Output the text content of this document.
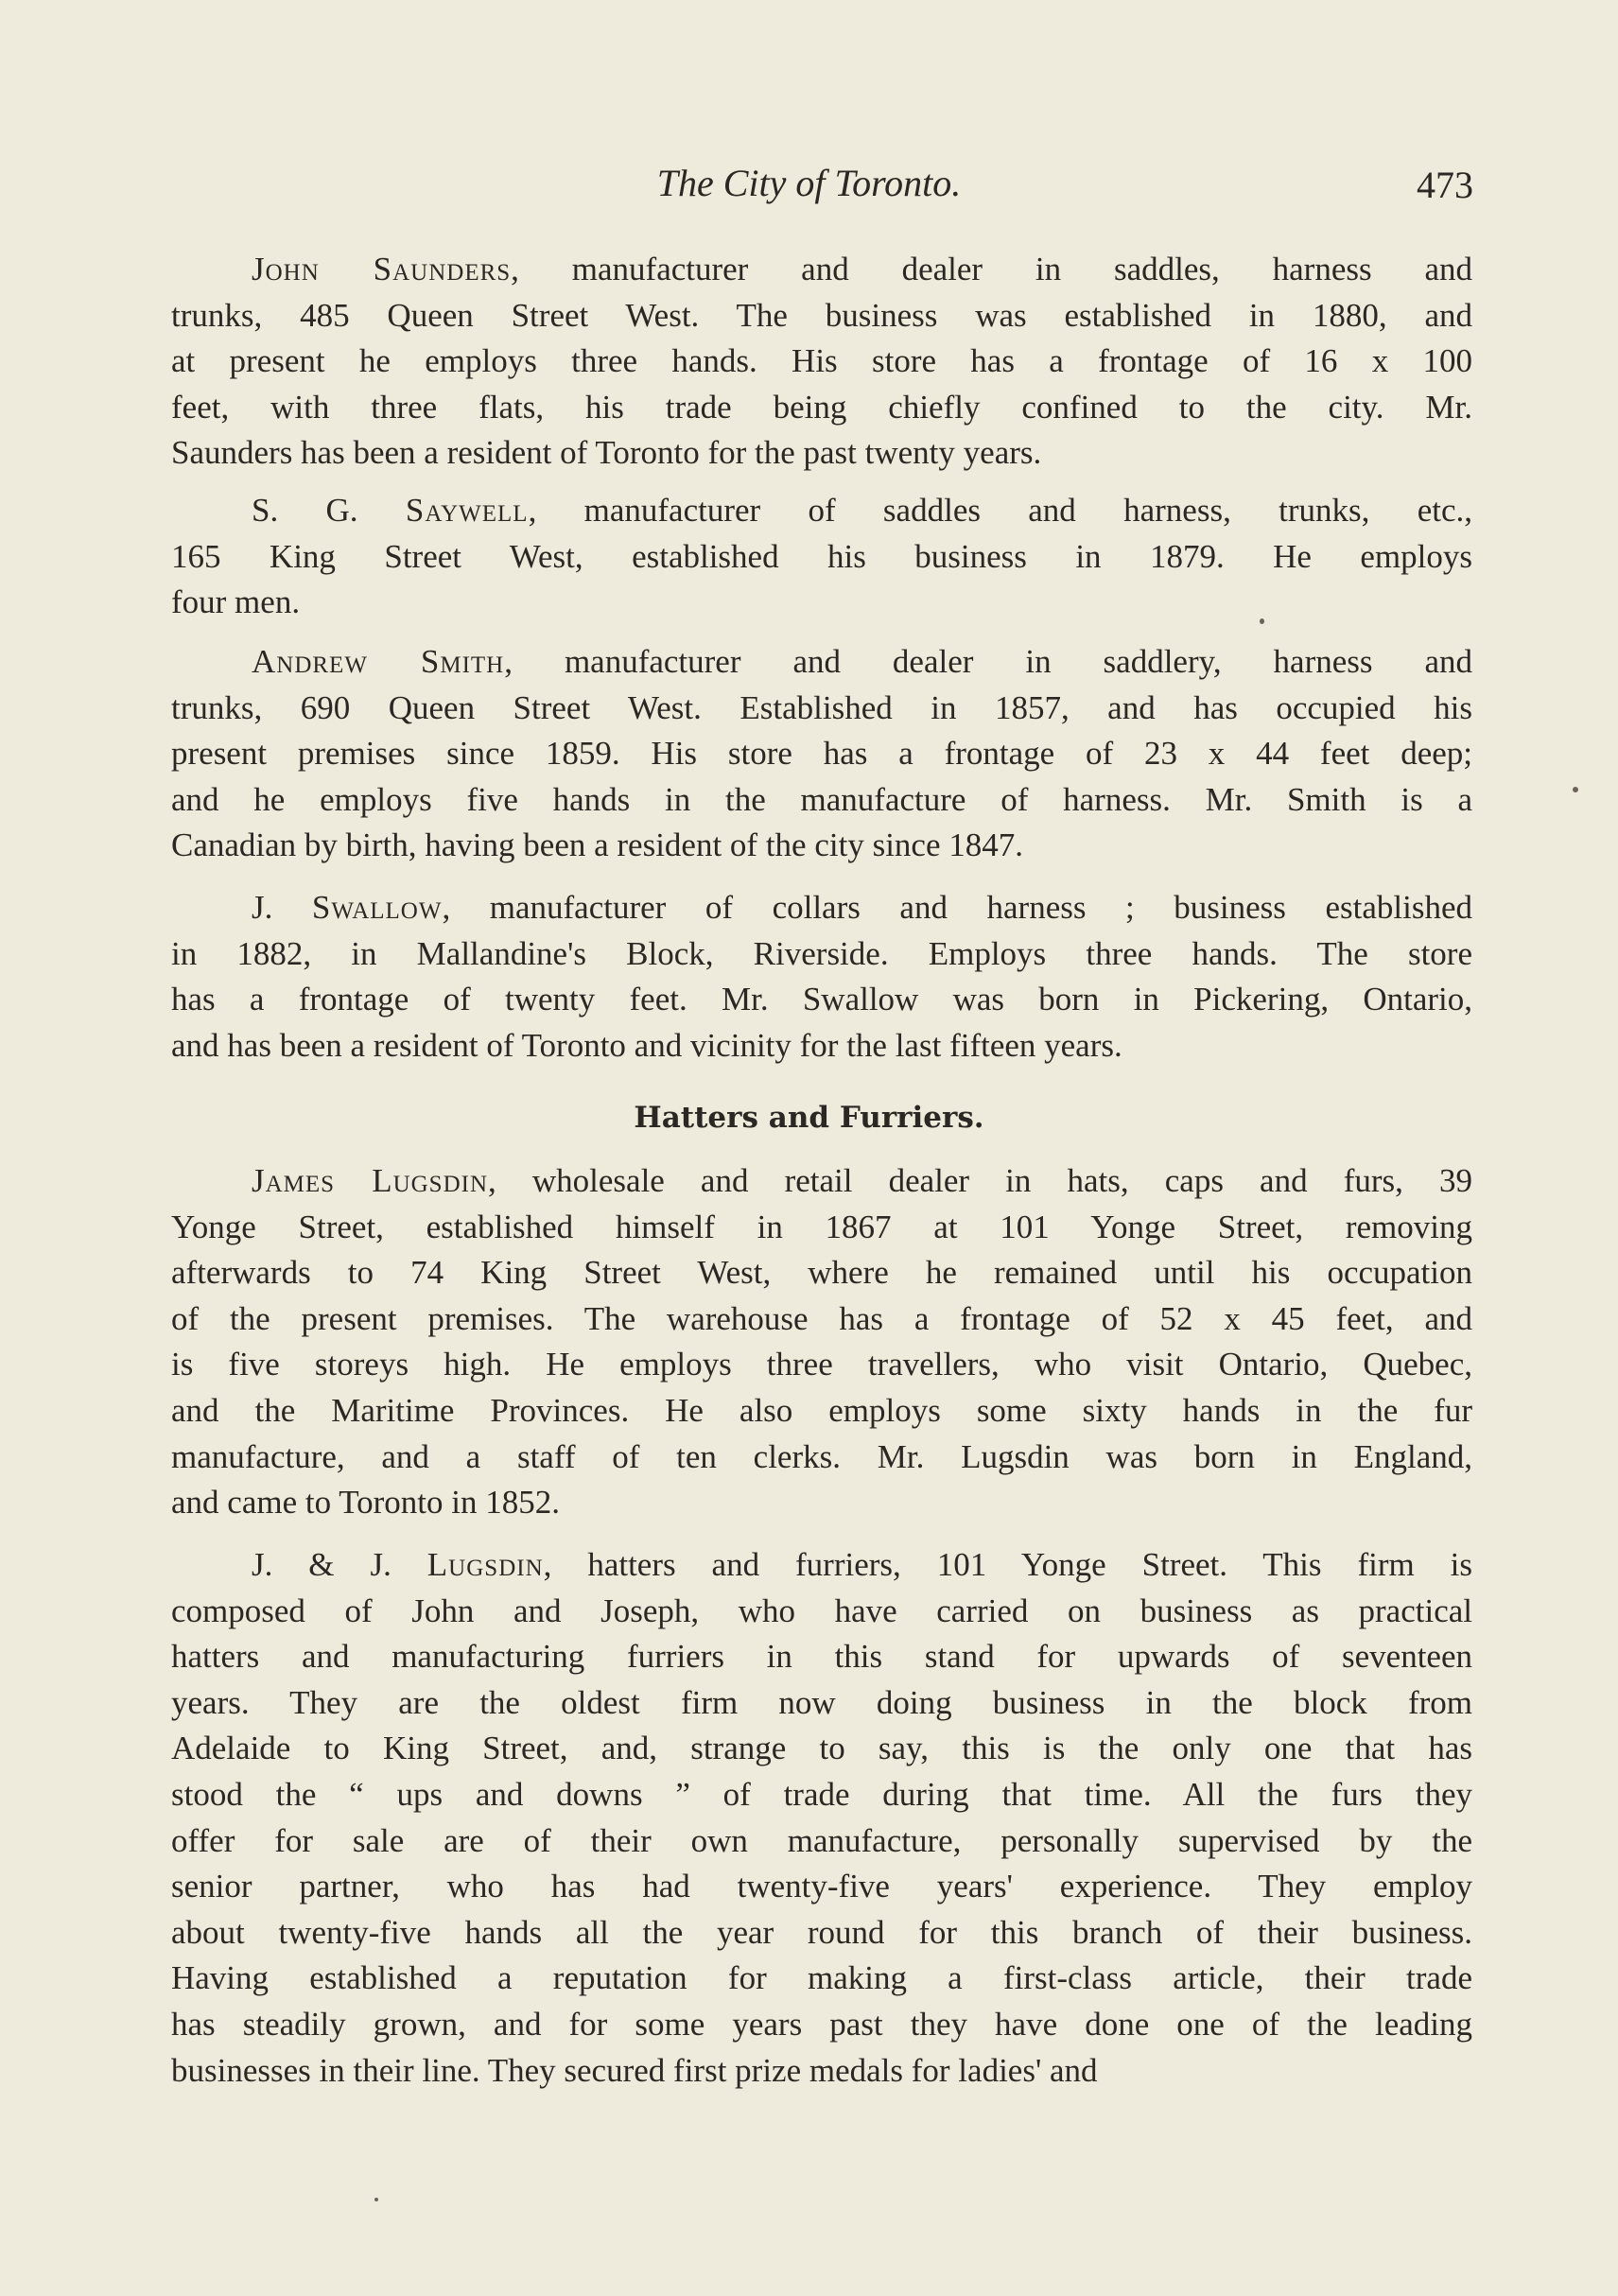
The City of Toronto.	473
John Saunders, manufacturer and dealer in saddles, harness and
trunks, 485 Queen Street West. The business was established in 1880, and
at present he employs three hands. His store has a frontage of 16 x 100
feet, with three flats, his trade being chiefly confined to the city. Mr.
Saunders has been a resident of Toronto for the past twenty years.
S. G. Saywell, manufacturer of saddles and harness, trunks, etc.,
165 King Street West, established his business in 1879. He employs
four men.
Andrew Smith, manufacturer and dealer in saddlery, harness and
trunks, 690 Queen Street West. Established in 1857, and has occupied his
present premises since 1859. His store has a frontage of 23 x 44 feet deep;
and he employs five hands in the manufacture of harness. Mr. Smith is a
Canadian by birth, having been a resident of the city since 1847.
J. Swallow, manufacturer of collars and harness ; business established
in 1882, in Mallandine's Block, Riverside. Employs three hands. The store
has a frontage of twenty feet. Mr. Swallow was born in Pickering, Ontario,
and has been a resident of Toronto and vicinity for the last fifteen years.
James Lugsdin, wholesale and retail dealer in hats, caps and furs, 39
Yonge Street, established himself in 1867 at 101 Yonge Street, removing
afterwards to 74 King Street West, where he remained until his occupation
of the present premises. The warehouse has a frontage of 52 x 45 feet, and
is five storeys high. He employs three travellers, who visit Ontario, Quebec,
and the Maritime Provinces. He also employs some sixty hands in the fur
manufacture, and a staff of ten clerks. Mr. Lugsdin was born in England,
and came to Toronto in 1852.
J. & J. Lugsdin, hatters and furriers, 101 Yonge Street. This firm is
composed of John and Joseph, who have carried on business as practical
hatters and manufacturing furriers in this stand for upwards of seventeen
years. They are the oldest firm now doing business in the block from
Adelaide to King Street, and, strange to say, this is the only one that has
stood the “ ups and downs ” of trade during that time. All the furs they
offer for sale are of their own manufacture, personally supervised by the
senior partner, who has had twenty-five years' experience. They employ
about twenty-five hands all the year round for this branch of their business.
Having established a reputation for making a first-class article, their trade
has steadily grown, and for some years past they have done one of the leading
businesses in their line. They secured first prize medals for ladies' and
Hatters and Furriers.
